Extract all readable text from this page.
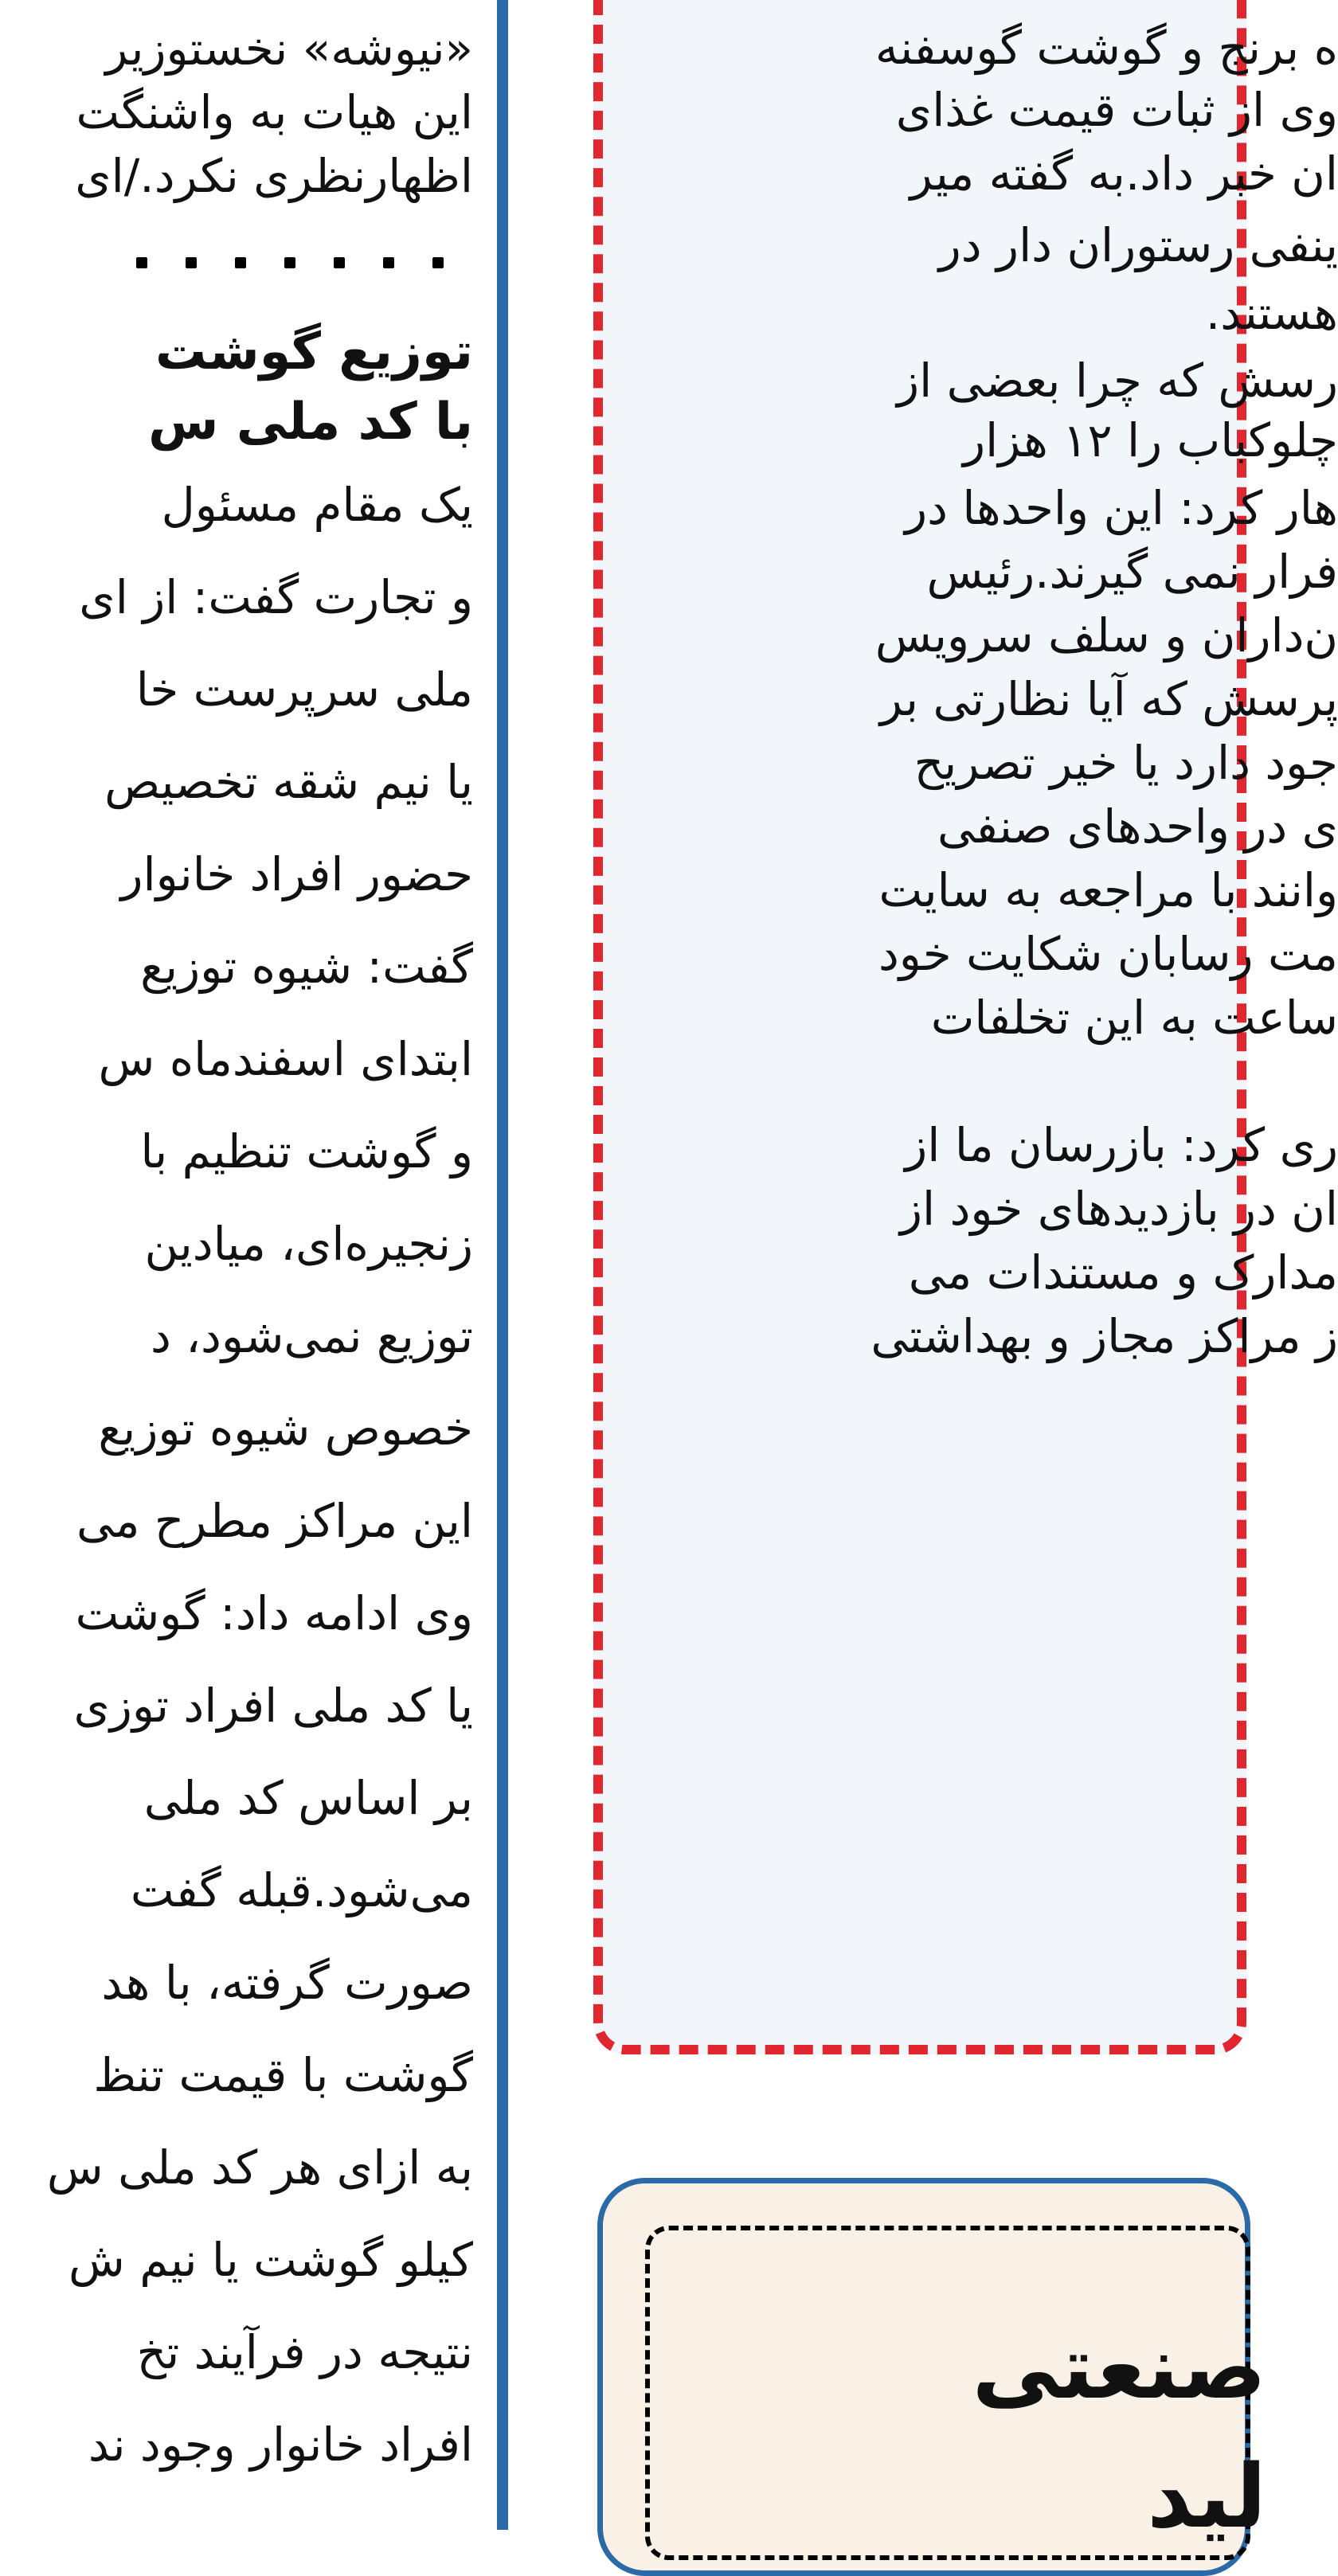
«نیوشه» نخستوزیر
این هیات به واشنگت
اظهارنظری نکرد./ای
توزیع گوشت
با کد ملی س
یک مقام مسئول
و تجارت گفت: از ای
ملی سرپرست خا
یا نیم شقه تخصیص
حضور افراد خانوار
گفت: شیوه توزیع
ابتدای اسفندماه س
و گوشت تنظیم با
زنجیره‌ای، میادین
توزیع نمی‌شود، د
خصوص شیوه توزیع
این مراکز مطرح می
وی ادامه داد: گوشت
یا کد ملی افراد توزی
بر اساس کد ملی
می‌شود.قبله گفت
صورت گرفته، با هد
گوشت با قیمت تنظ
به ازای هر کد ملی س
کیلو گوشت یا نیم ش
نتیجه در فرآیند تخ
افراد خانوار وجود ند
ه برنج و گوشت گوسفنه
وی از ثبات قیمت غذای
ان خبر داد.به گفته میر
ینفی رستوران دار در
هستند.
رسش که چرا بعضی از
چلوکباب را ۱۲ هزار
هار کرد: این واحدها در
فرار نمی گیرند.رئیس
ن‌داران و سلف سرویس
پرسش که آیا نظارتی بر
جود دارد یا خیر تصریح
ی در واحدهای صنفی
وانند با مراجعه به سایت
مت رسابان شکایت خود
ساعت به این تخلفات
ری کرد: بازرسان ما از
ان در بازدیدهای خود از
مدارک و مستندات می
ز مراکز مجاز و بهداشتی
صنعتی
لید
